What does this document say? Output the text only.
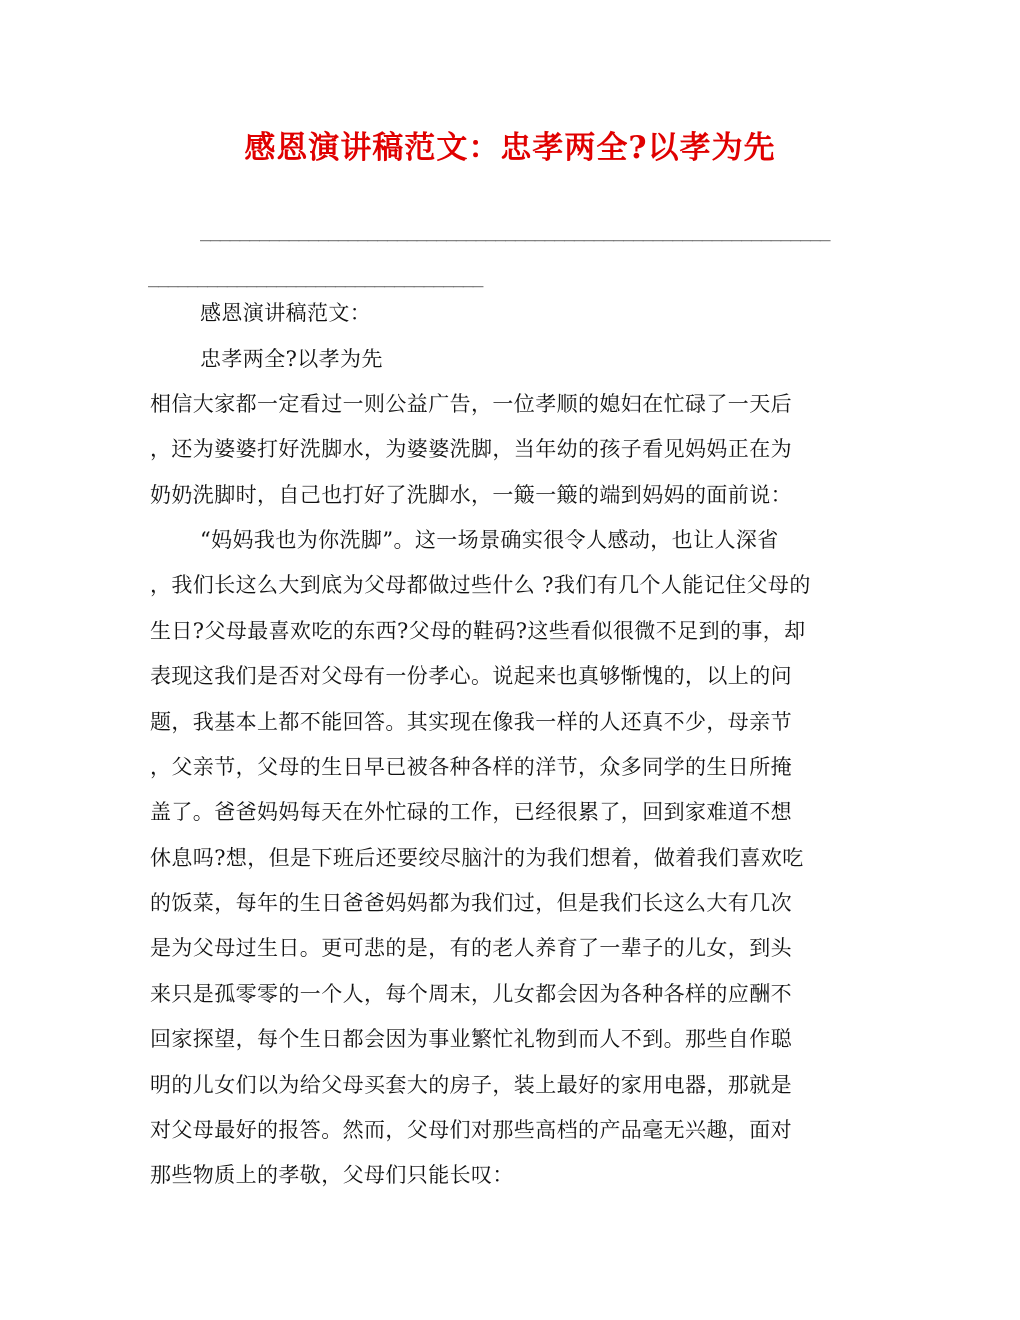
感恩演讲稿范文：忠孝两全?以孝为先
________________________________________________________________
__________________________________
感恩演讲稿范文：
忠孝两全?以孝为先
相信大家都一定看过一则公益广告，一位孝顺的媳妇在忙碌了一天后
，还为婆婆打好洗脚水，为婆婆洗脚，当年幼的孩子看见妈妈正在为
奶奶洗脚时，自己也打好了洗脚水，一簸一簸的端到妈妈的面前说：
“妈妈我也为你洗脚”。这一场景确实很令人感动，也让人深省
，我们长这么大到底为父母都做过些什么 ?我们有几个人能记住父母的
生日?父母最喜欢吃的东西?父母的鞋码?这些看似很微不足到的事，却
表现这我们是否对父母有一份孝心。说起来也真够惭愧的，以上的问
题，我基本上都不能回答。其实现在像我一样的人还真不少，母亲节
，父亲节，父母的生日早已被各种各样的洋节，众多同学的生日所掩
盖了。爸爸妈妈每天在外忙碌的工作，已经很累了，回到家难道不想
休息吗?想，但是下班后还要绞尽脑汁的为我们想着，做着我们喜欢吃
的饭菜，每年的生日爸爸妈妈都为我们过，但是我们长这么大有几次
是为父母过生日。更可悲的是，有的老人养育了一辈子的儿女，到头
来只是孤零零的一个人，每个周末，儿女都会因为各种各样的应酬不
回家探望，每个生日都会因为事业繁忙礼物到而人不到。那些自作聪
明的儿女们以为给父母买套大的房子，装上最好的家用电器，那就是
对父母最好的报答。然而，父母们对那些高档的产品毫无兴趣，面对
那些物质上的孝敬，父母们只能长叹：
